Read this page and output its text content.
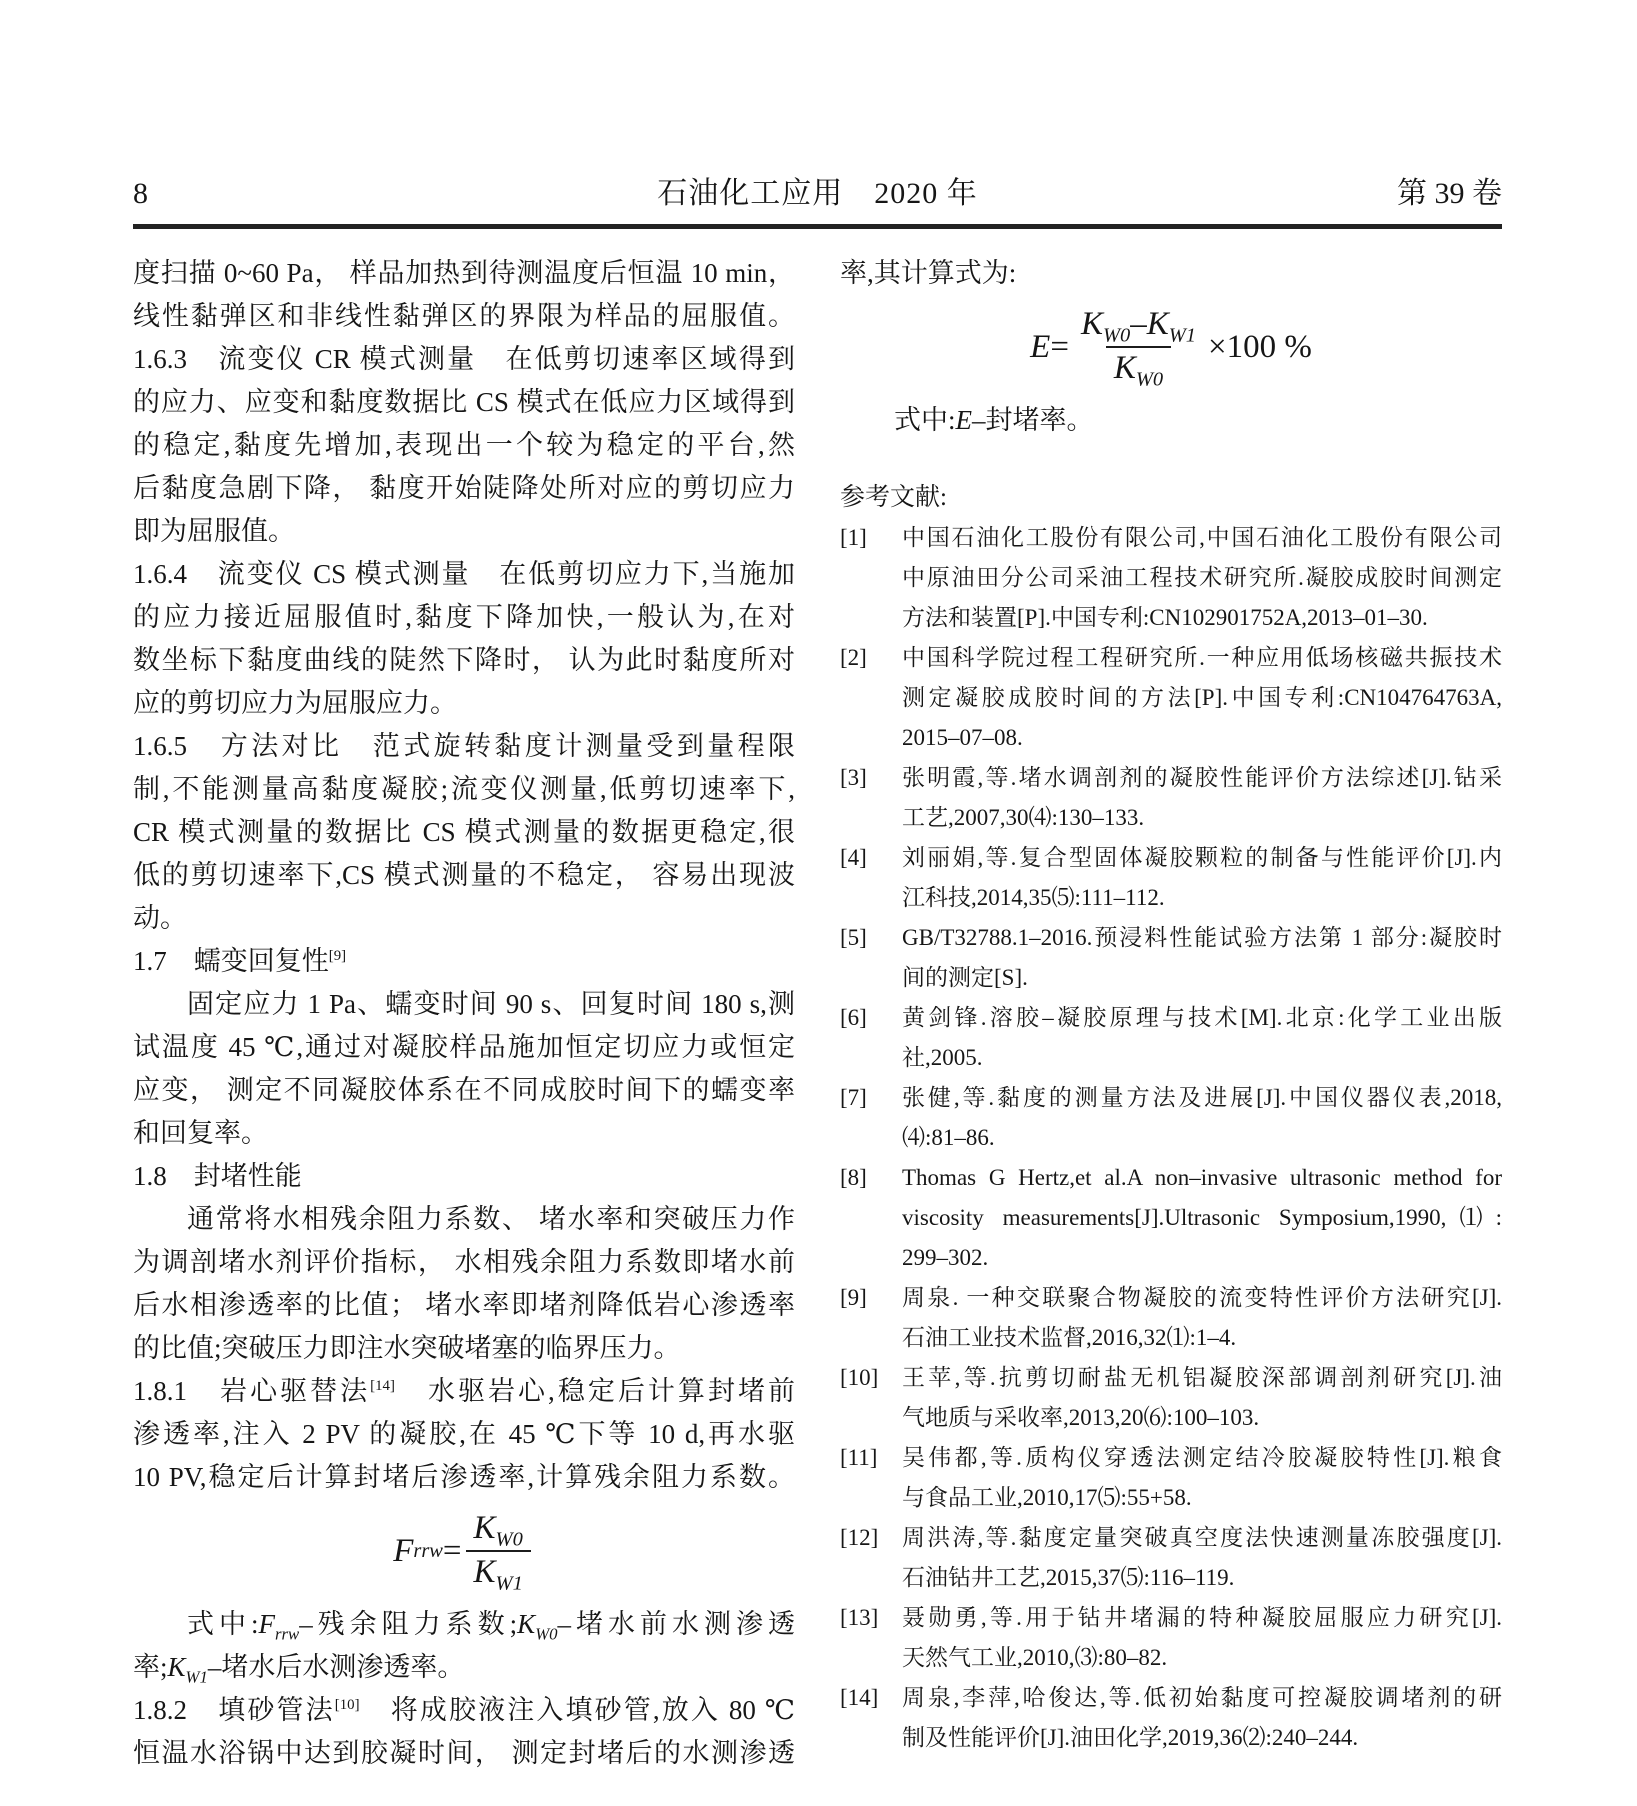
8	石油化工应用　2020 年	第 39 卷
度扫描 0~60 Pa， 样品加热到待测温度后恒温 10 min，
线性黏弹区和非线性黏弹区的界限为样品的屈服值。
1.6.3　流变仪 CR 模式测量　在低剪切速率区域得到
的应力、应变和黏度数据比 CS 模式在低应力区域得到
的稳定,黏度先增加,表现出一个较为稳定的平台,然
后黏度急剧下降， 黏度开始陡降处所对应的剪切应力
即为屈服值。
1.6.4　流变仪 CS 模式测量　在低剪切应力下,当施加
的应力接近屈服值时,黏度下降加快,一般认为,在对
数坐标下黏度曲线的陡然下降时， 认为此时黏度所对
应的剪切应力为屈服应力。
1.6.5　方法对比　范式旋转黏度计测量受到量程限
制,不能测量高黏度凝胶;流变仪测量,低剪切速率下,
CR 模式测量的数据比 CS 模式测量的数据更稳定,很
低的剪切速率下,CS 模式测量的不稳定， 容易出现波
动。
1.7　蠕变回复性[9]
固定应力 1 Pa、蠕变时间 90 s、回复时间 180 s,测
试温度 45 ℃,通过对凝胶样品施加恒定切应力或恒定
应变， 测定不同凝胶体系在不同成胶时间下的蠕变率
和回复率。
1.8　封堵性能
通常将水相残余阻力系数、 堵水率和突破压力作
为调剖堵水剂评价指标， 水相残余阻力系数即堵水前
后水相渗透率的比值； 堵水率即堵剂降低岩心渗透率
的比值;突破压力即注水突破堵塞的临界压力。
1.8.1　岩心驱替法[14]　水驱岩心,稳定后计算封堵前
渗透率,注入 2 PV 的凝胶,在 45 ℃下等 10 d,再水驱
10 PV,稳定后计算封堵后渗透率,计算残余阻力系数。
F rrw = $\frac{K_{W0}}{K_{W1}}$
式中$:F_{rrw}-$残余阻力系数$;K_{W0}-$堵水前水测渗透
率$;K_{W1}-$堵水后水测渗透率。
1.8.2　填砂管法[10]　将成胶液注入填砂管,放入 80 ℃
恒温水浴锅中达到胶凝时间， 测定封堵后的水测渗透
率,其计算式为:
$E = \frac{K_{W0}-K_{W1}}{K_{W0}} \times 100$ %
式中:E–封堵率。
参考文献:
[1]	中国石油化工股份有限公司,中国石油化工股份有限公司
中原油田分公司采油工程技术研究所.凝胶成胶时间测定
方法和装置[P].中国专利:CN102901752A,2013–01–30.
[2]	中国科学院过程工程研究所.一种应用低场核磁共振技术
测定凝胶成胶时间的方法[P].中国专利:CN104764763A,
2015–07–08.
[3]	张明霞,等.堵水调剖剂的凝胶性能评价方法综述[J].钻采
工艺,2007,30⑷:130–133.
[4]	刘丽娟,等.复合型固体凝胶颗粒的制备与性能评价[J].内
江科技,2014,35⑸:111–112.
[5]	GB/T32788.1–2016.预浸料性能试验方法第 1 部分:凝胶时
间的测定[S].
[6]	黄剑锋.溶胶–凝胶原理与技术[M].北京:化学工业出版
社,2005.
[7]	张健,等.黏度的测量方法及进展[J].中国仪器仪表,2018,
⑷:81–86.
[8]	Thomas G Hertz,et al.A non–invasive ultrasonic method for
viscosity measurements[J].Ultrasonic Symposium,1990,⑴:
299–302.
[9]	周泉. 一种交联聚合物凝胶的流变特性评价方法研究[J].
石油工业技术监督,2016,32⑴:1–4.
[10]	王苹,等.抗剪切耐盐无机铝凝胶深部调剖剂研究[J].油
气地质与采收率,2013,20⑹:100–103.
[11]	吴伟都,等.质构仪穿透法测定结冷胶凝胶特性[J].粮食
与食品工业,2010,17⑸:55+58.
[12]	周洪涛,等.黏度定量突破真空度法快速测量冻胶强度[J].
石油钻井工艺,2015,37⑸:116–119.
[13]	聂勋勇,等.用于钻井堵漏的特种凝胶屈服应力研究[J].
天然气工业,2010,⑶:80–82.
[14]	周泉,李萍,哈俊达,等.低初始黏度可控凝胶调堵剂的研
制及性能评价[J].油田化学,2019,36⑵:240–244.
